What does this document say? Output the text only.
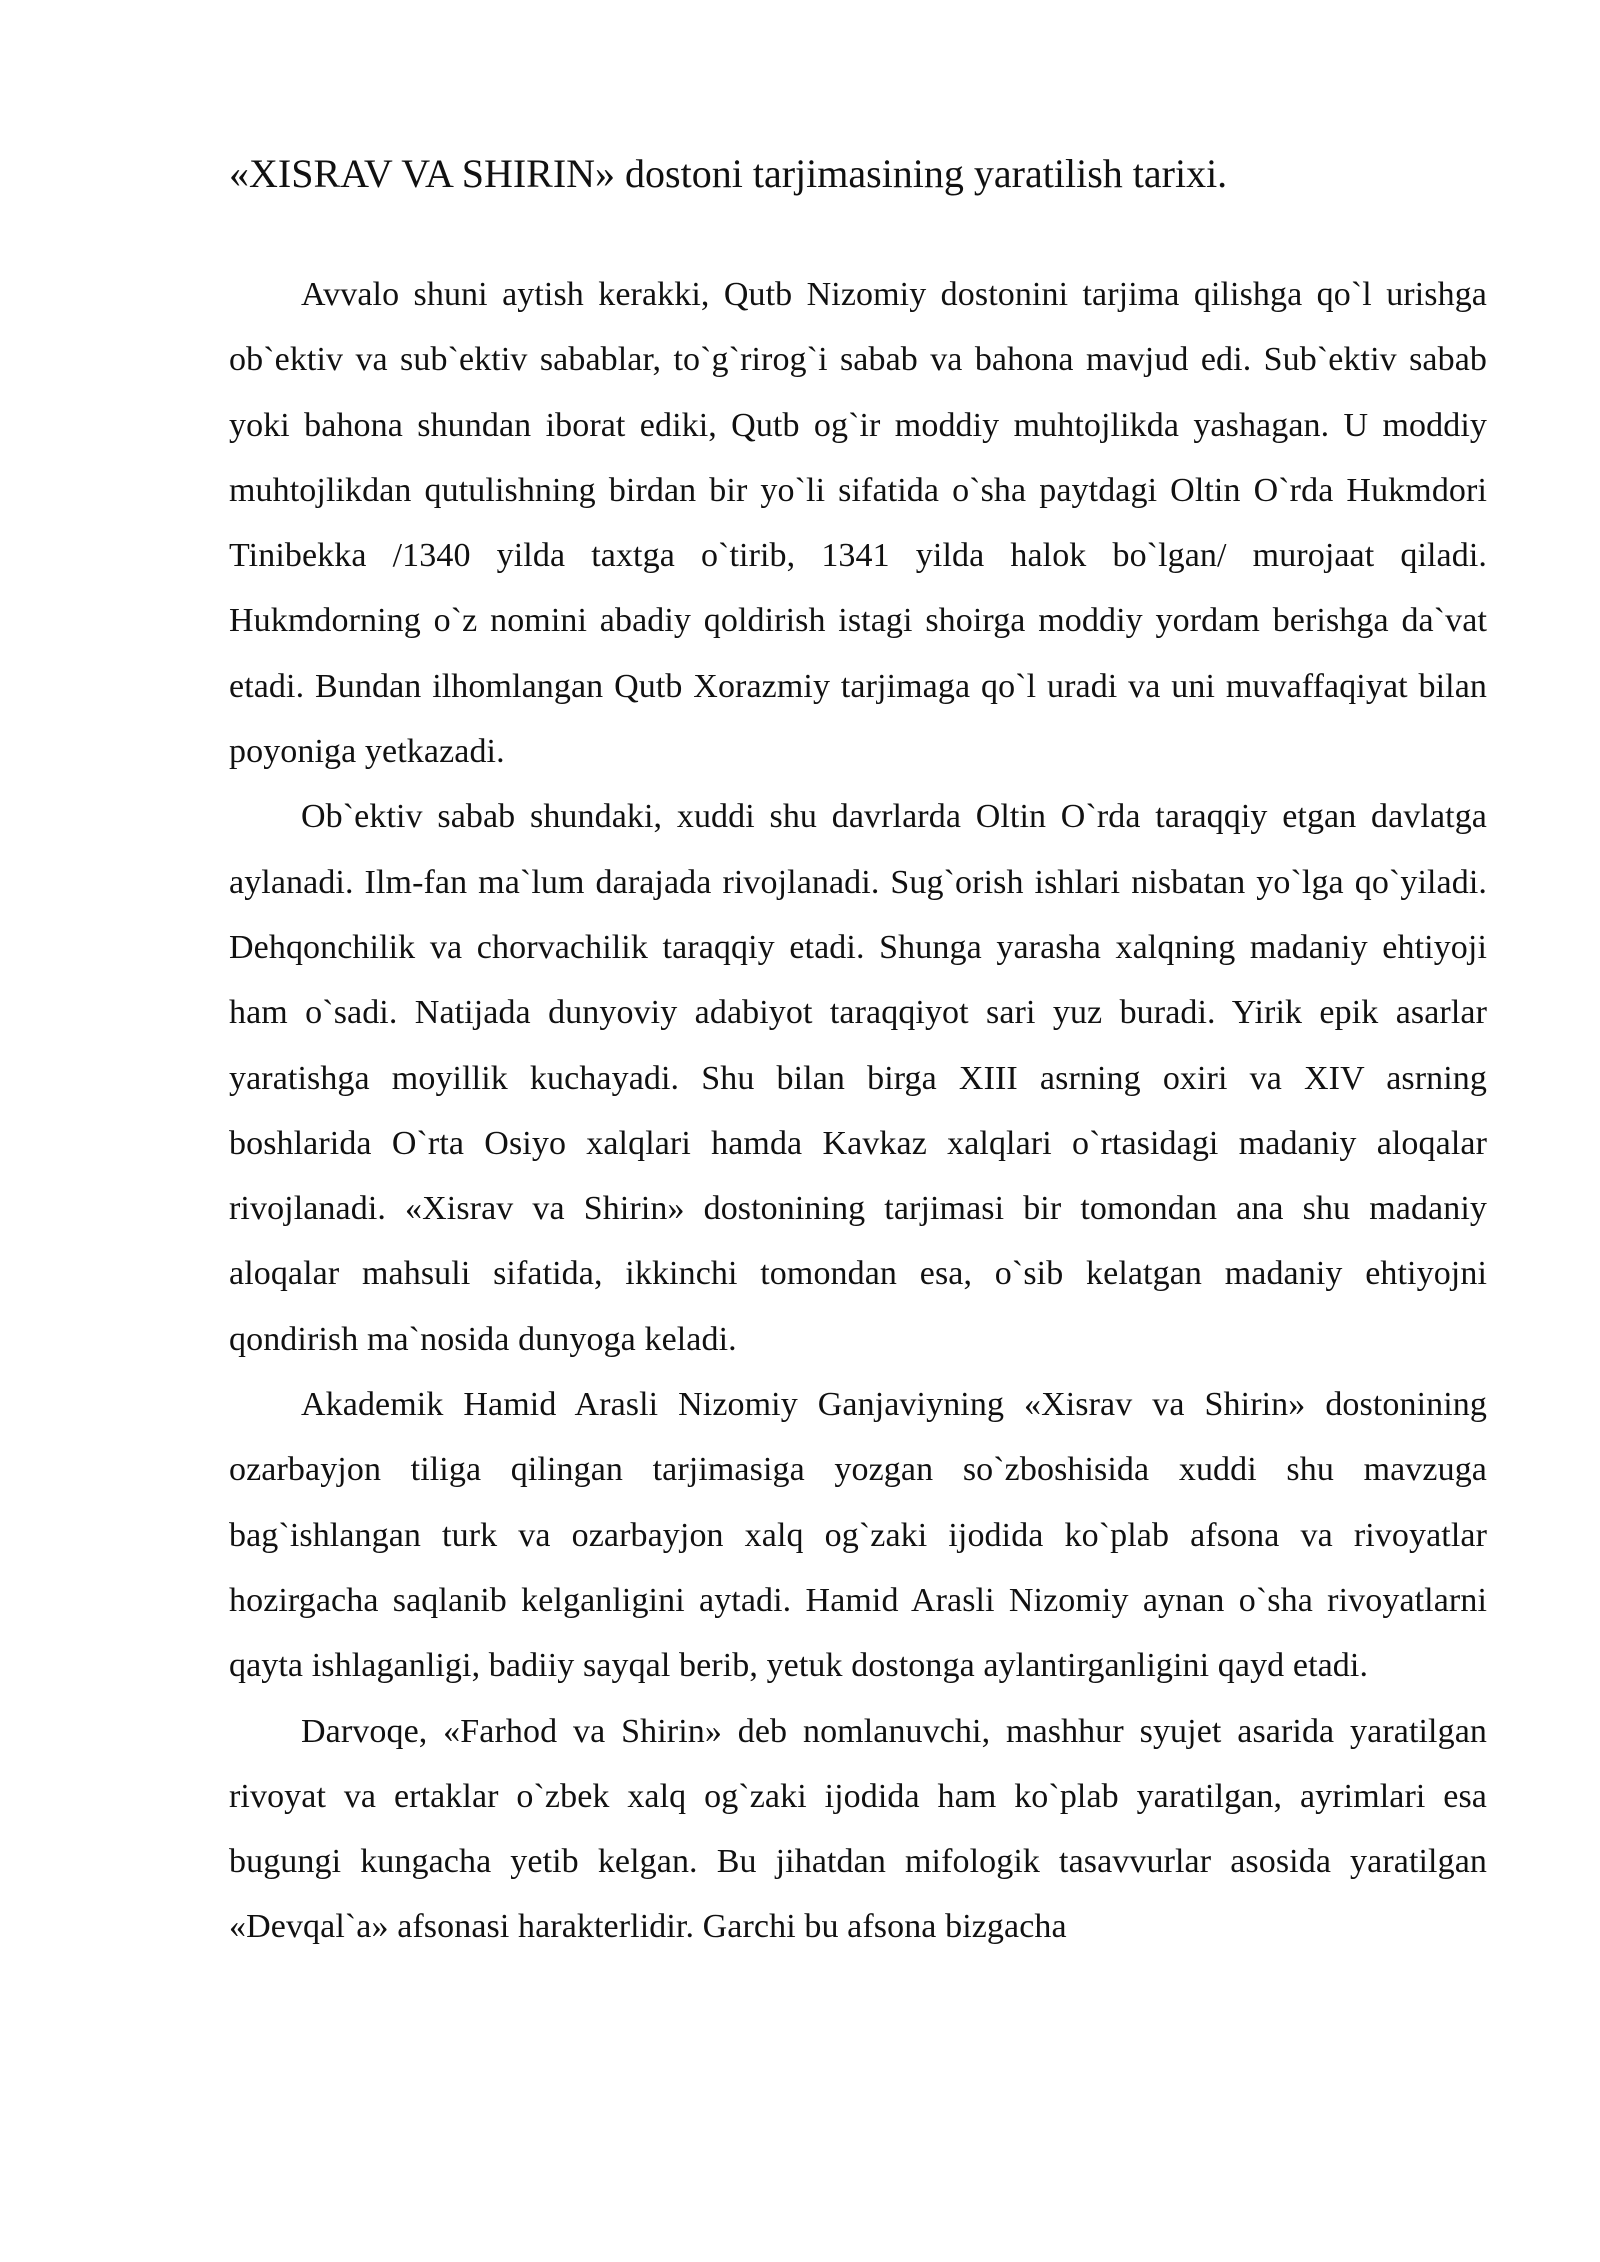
«XISRAV VA SHIRIN» dostoni tarjimasining yaratilish tarixi.

Avvalo shuni aytish kerakki, Qutb Nizomiy dostonini tarjima qilishga qo`l urishga ob`ektiv va sub`ektiv sabablar, to`g`rirog`i sabab va bahona mavjud edi. Sub`ektiv sabab yoki bahona shundan iborat ediki, Qutb og`ir moddiy muhtojlikda yashagan. U moddiy muhtojlikdan qutulishning birdan bir yo`li sifatida o`sha paytdagi Oltin O`rda Hukmdori Tinibekka /1340 yilda taxtga o`tirib, 1341 yilda halok bo`lgan/ murojaat qiladi. Hukmdorning o`z nomini abadiy qoldirish istagi shoirga moddiy yordam berishga da`vat etadi. Bundan ilhomlangan Qutb Xorazmiy tarjimaga qo`l uradi va uni muvaffaqiyat bilan poyoniga yetkazadi.

Ob`ektiv sabab shundaki, xuddi shu davrlarda Oltin O`rda taraqqiy etgan davlatga aylanadi. Ilm-fan ma`lum darajada rivojlanadi. Sug`orish ishlari nisbatan yo`lga qo`yiladi. Dehqonchilik va chorvachilik taraqqiy etadi. Shunga yarasha xalqning madaniy ehtiyoji ham o`sadi. Natijada dunyoviy adabiyot taraqqiyot sari yuz buradi. Yirik epik asarlar yaratishga moyillik kuchayadi. Shu bilan birga XIII asrning oxiri va XIV asrning boshlarida O`rta Osiyo xalqlari hamda Kavkaz xalqlari o`rtasidagi madaniy aloqalar rivojlanadi. «Xisrav va Shirin» dostonining tarjimasi bir tomondan ana shu madaniy aloqalar mahsuli sifatida, ikkinchi tomondan esa, o`sib kelatgan madaniy ehtiyojni qondirish ma`nosida dunyoga keladi.

Akademik Hamid Arasli Nizomiy Ganjaviyning «Xisrav va Shirin» dostonining ozarbayjon tiliga qilingan tarjimasiga yozgan so`zboshisida xuddi shu mavzuga bag`ishlangan turk va ozarbayjon xalq og`zaki ijodida ko`plab afsona va rivoyatlar hozirgacha saqlanib kelganligini aytadi. Hamid Arasli Nizomiy aynan o`sha rivoyatlarni qayta ishlaganligi, badiiy sayqal berib, yetuk dostonga aylantirganligini qayd etadi.

Darvoqe, «Farhod va Shirin» deb nomlanuvchi, mashhur syujet asarida yaratilgan rivoyat va ertaklar o`zbek xalq og`zaki ijodida ham ko`plab yaratilgan, ayrimlari esa bugungi kungacha yetib kelgan. Bu jihatdan mifologik tasavvurlar asosida yaratilgan «Devqal`a» afsonasi harakterlidir. Garchi bu afsona bizgacha
